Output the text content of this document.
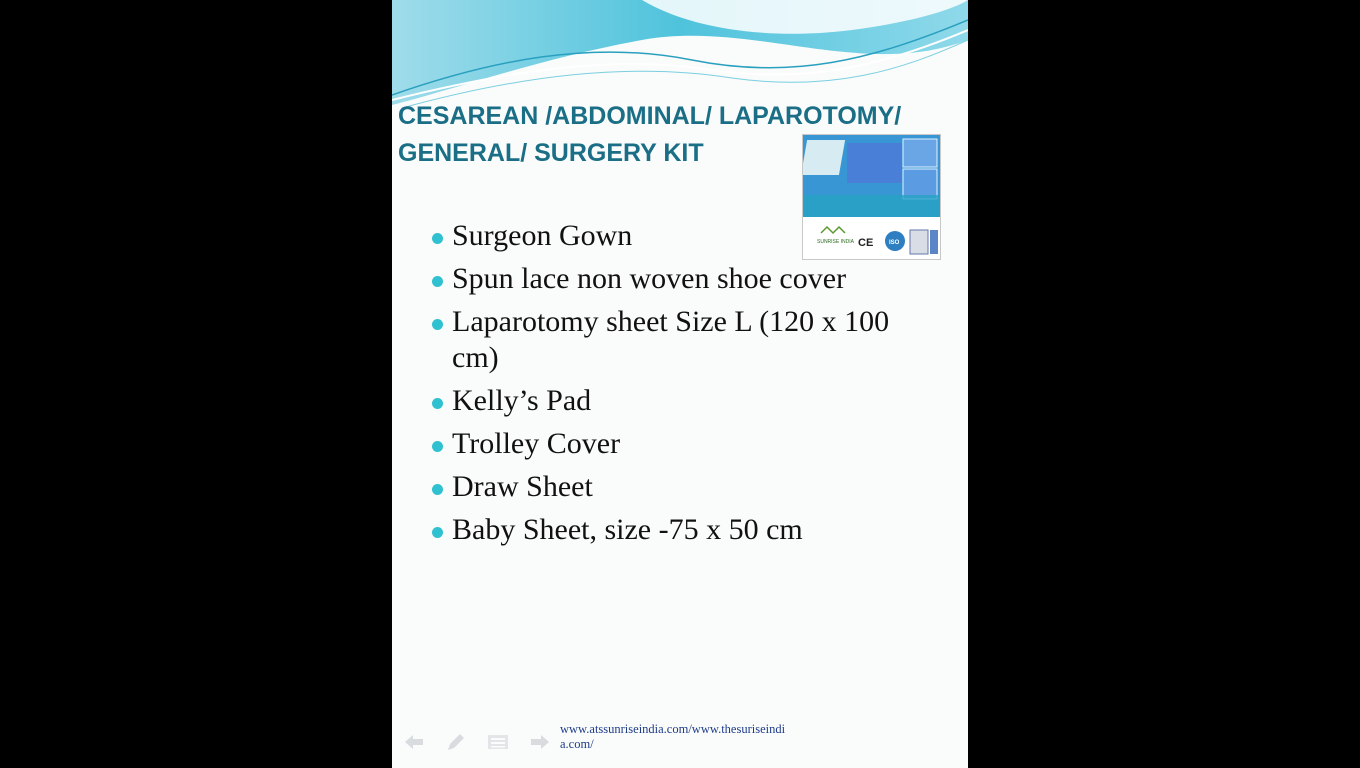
CESAREAN /ABDOMINAL/ LAPAROTOMY/
GENERAL/ SURGERY KIT
SUNRISE INDIA CE	ISO
Surgeon Gown
Spun lace non woven shoe cover
Laparotomy sheet Size L (120 x 100 cm)
Kelly’s Pad
Trolley Cover
Draw Sheet
Baby Sheet, size -75 x 50 cm
www.atssunriseindia.com/www.thesuriseindia.com/
